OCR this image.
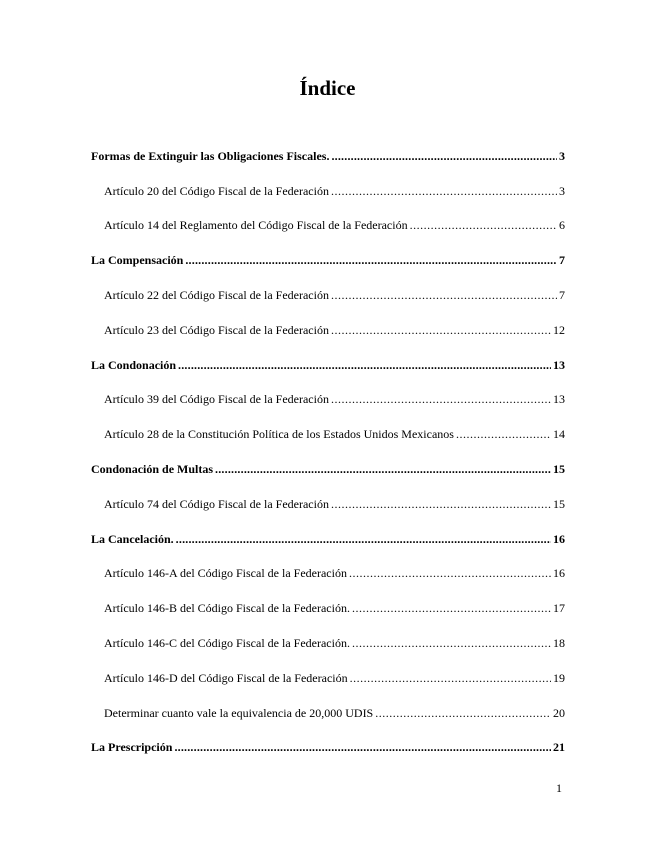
Índice
Formas de Extinguir las Obligaciones Fiscales. .....	3
Artículo 20 del Código Fiscal de la Federación .....	3
Artículo 14 del Reglamento del Código Fiscal de la Federación .....	6
La Compensación .....	7
Artículo 22 del Código Fiscal de la Federación .....	7
Artículo 23 del Código Fiscal de la Federación .....	12
La Condonación .....	13
Artículo 39 del Código Fiscal de la Federación .....	13
Artículo 28 de la Constitución Política de los Estados Unidos Mexicanos .....	14
Condonación de Multas .....	15
Artículo 74 del Código Fiscal de la Federación .....	15
La Cancelación. .....	16
Artículo 146-A del Código Fiscal de la Federación .....	16
Artículo 146-B del Código Fiscal de la Federación. .....	17
Artículo 146-C del Código Fiscal de la Federación. .....	18
Artículo 146-D del Código Fiscal de la Federación .....	19
Determinar cuanto vale la equivalencia de 20,000 UDIS .....	20
La Prescripción .....	21
1
